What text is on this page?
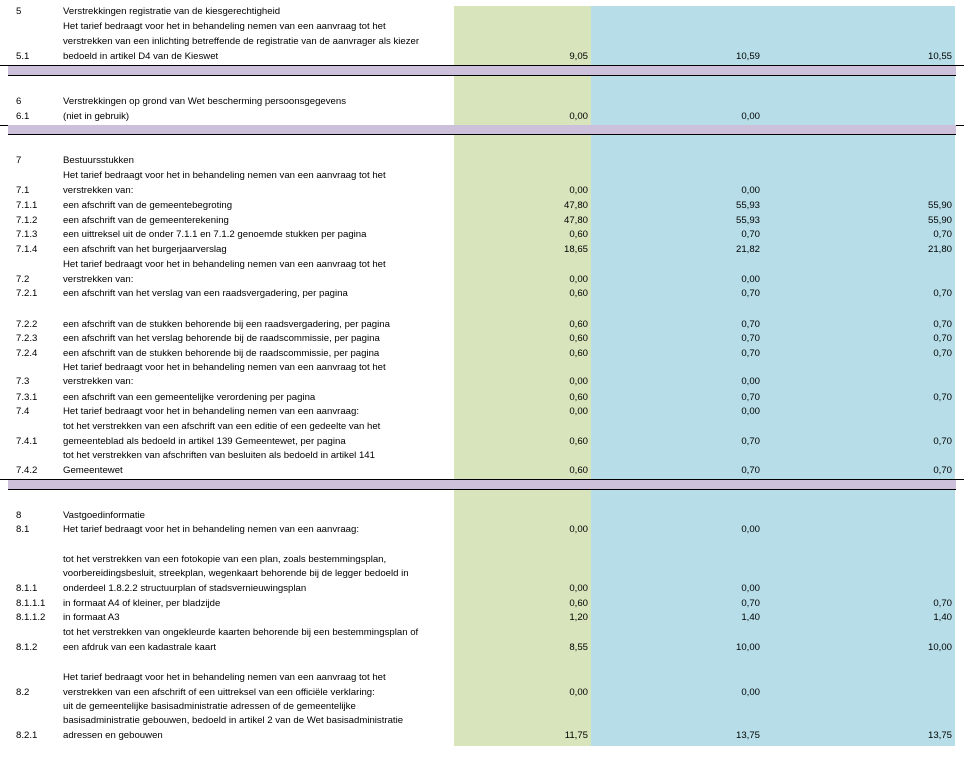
5	Verstrekkingen registratie van de kiesgerechtigheid
Het tarief bedraagt voor het in behandeling nemen van een aanvraag tot het
verstrekken van een inlichting betreffende de registratie van de aanvrager als kiezer
5.1	bedoeld in artikel D4 van de Kieswet	9,05	10,59	10,55
6	Verstrekkingen op grond van Wet bescherming persoonsgegevens
6.1	(niet in gebruik)	0,00	0,00
7	Bestuursstukken
Het tarief bedraagt voor het in behandeling nemen van een aanvraag tot het
7.1	verstrekken van:	0,00	0,00
7.1.1	een afschrift van de gemeentebegroting	47,80	55,93	55,90
7.1.2	een afschrift van de gemeenterekening	47,80	55,93	55,90
7.1.3	een uittreksel uit de onder 7.1.1 en 7.1.2 genoemde stukken per pagina	0,60	0,70	0,70
7.1.4	een afschrift van het burgerjaarverslag	18,65	21,82	21,80
Het tarief bedraagt voor het in behandeling nemen van een aanvraag tot het
7.2	verstrekken van:	0,00	0,00
7.2.1	een afschrift van het verslag van een raadsvergadering, per pagina	0,60	0,70	0,70
7.2.2	een afschrift van de stukken behorende bij een raadsvergadering, per pagina	0,60	0,70	0,70
7.2.3	een afschrift van het verslag behorende bij de raadscommissie, per pagina	0,60	0,70	0,70
7.2.4	een afschrift van de stukken behorende bij de raadscommissie, per pagina	0,60	0,70	0,70
Het tarief bedraagt voor het in behandeling nemen van een aanvraag tot het
7.3	verstrekken van:	0,00	0,00
7.3.1	een afschrift van een gemeentelijke verordening per pagina	0,60	0,70	0,70
7.4	Het tarief bedraagt voor het in behandeling nemen van een aanvraag:	0,00	0,00
tot het verstrekken van een afschrift van een editie of een gedeelte van het
7.4.1	gemeenteblad als bedoeld in artikel 139 Gemeentewet, per pagina	0,60	0,70	0,70
tot het verstrekken van afschriften van besluiten als bedoeld in artikel 141
7.4.2	Gemeentewet	0,60	0,70	0,70
8	Vastgoedinformatie
8.1	Het tarief bedraagt voor het in behandeling nemen van een aanvraag:	0,00	0,00
tot het verstrekken van een fotokopie van een plan, zoals bestemmingsplan,
voorbereidingsbesluit, streekplan, wegenkaart behorende bij de legger bedoeld in
8.1.1	onderdeel 1.8.2.2 structuurplan of stadsvernieuwingsplan	0,00	0,00
8.1.1.1 in formaat A4 of kleiner, per bladzijde	0,60	0,70	0,70
8.1.1.2 in formaat A3	1,20	1,40	1,40
tot het verstrekken van ongekleurde kaarten behorende bij een bestemmingsplan of
8.1.2	een afdruk van een kadastrale kaart	8,55	10,00	10,00
Het tarief bedraagt voor het in behandeling nemen van een aanvraag tot het
8.2	verstrekken van een afschrift of een uittreksel van een officiële verklaring:	0,00	0,00
uit de gemeentelijke basisadministratie adressen of de gemeentelijke
basisadministratie gebouwen, bedoeld in artikel 2 van de Wet basisadministratie
8.2.1	adressen en gebouwen	11,75	13,75	13,75
